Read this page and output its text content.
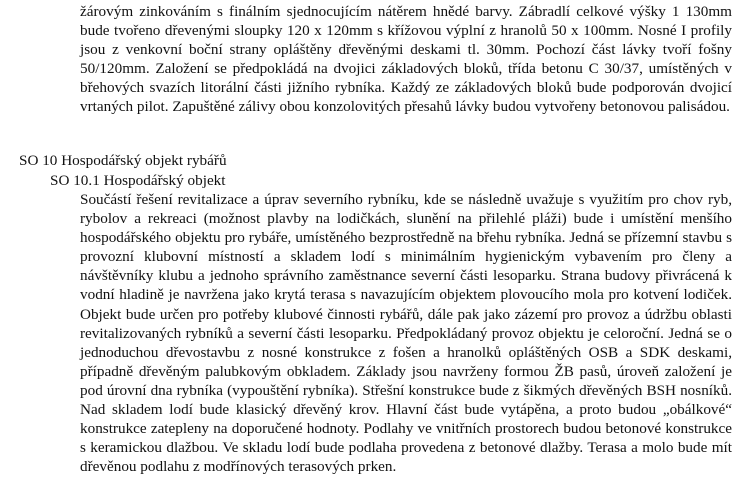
žárovým zinkováním s finálním sjednocujícím nátěrem hnědé barvy. Zábradlí celkové výšky 1 130mm bude tvořeno dřevenými sloupky 120 x 120mm s křížovou výplní z hranolů 50 x 100mm. Nosné I profily jsou z venkovní boční strany opláštěny dřevěnými deskami tl. 30mm. Pochozí část lávky tvoří fošny 50/120mm. Založení se předpokládá na dvojici základových bloků, třída betonu C 30/37, umístěných v břehových svazích litorální části jižního rybníka. Každý ze základových bloků bude podporován dvojicí vrtaných pilot. Zapuštěné zálivy obou konzolovitých přesahů lávky budou vytvořeny betonovou palisádou.

SO 10 Hospodářský objekt rybářů
SO 10.1 Hospodářský objekt

Součástí řešení revitalizace a úprav severního rybníku, kde se následně uvažuje s využitím pro chov ryb, rybolov a rekreaci (možnost plavby na lodičkách, slunění na přilehlé pláži) bude i umístění menšího hospodářského objektu pro rybáře, umístěného bezprostředně na břehu rybníka. Jedná se přízemní stavbu s provozní klubovní místností a skladem lodí s minimálním hygienickým vybavením pro členy a návštěvníky klubu a jednoho správního zaměstnance severní části lesoparku. Strana budovy přivrácená k vodní hladině je navržena jako krytá terasa s navazujícím objektem plovoucího mola pro kotvení lodiček. Objekt bude určen pro potřeby klubové činnosti rybářů, dále pak jako zázemí pro provoz a údržbu oblasti revitalizovaných rybníků a severní části lesoparku. Předpokládaný provoz objektu je celoroční. Jedná se o jednoduchou dřevostavbu z nosné konstrukce z fošen a hranolků opláštěných OSB a SDK deskami, případně dřevěným palubkovým obkladem. Základy jsou navrženy formou ŽB pasů, úroveň založení je pod úrovní dna rybníka (vypouštění rybníka). Střešní konstrukce bude z šikmých dřevěných BSH nosníků. Nad skladem lodí bude klasický dřevěný krov. Hlavní část bude vytápěna, a proto budou „obálkové“ konstrukce zatepleny na doporučené hodnoty. Podlahy ve vnitřních prostorech budou betonové konstrukce s keramickou dlažbou. Ve skladu lodí bude podlaha provedena z betonové dlažby. Terasa a molo bude mít dřevěnou podlahu z modřínových terasových prken.
